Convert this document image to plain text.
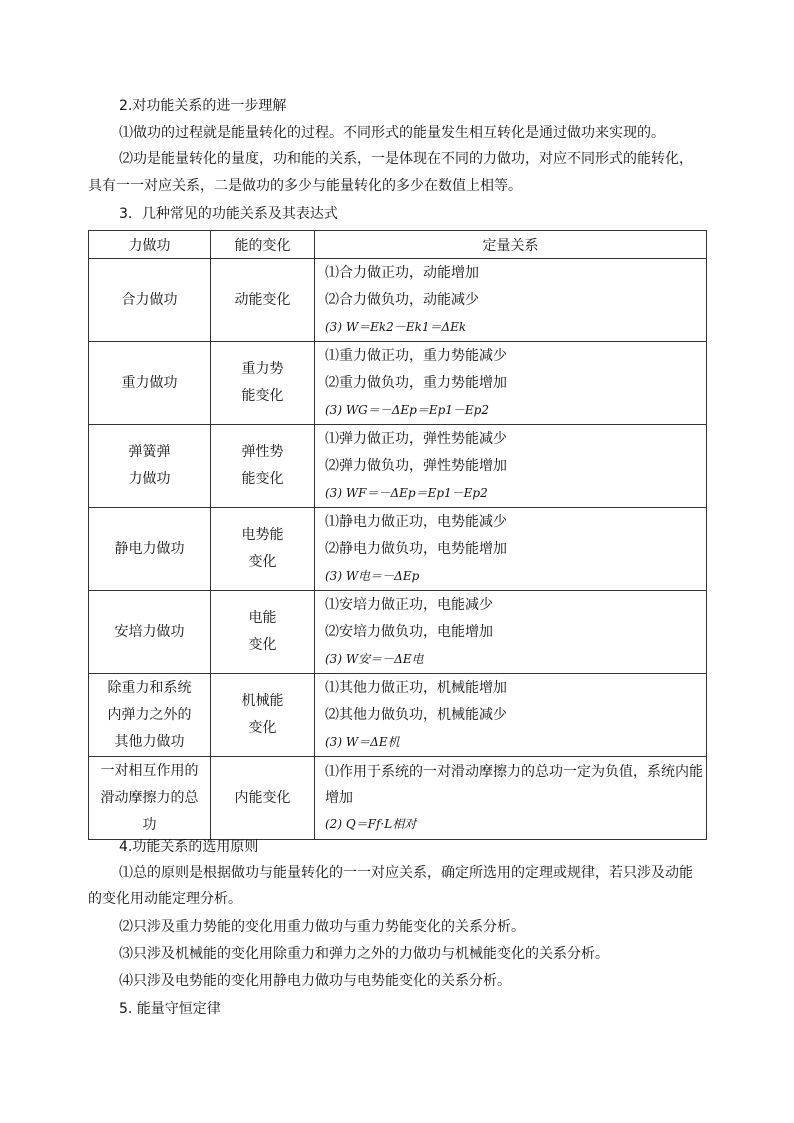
2.对功能关系的进一步理解
⑴做功的过程就是能量转化的过程。不同形式的能量发生相互转化是通过做功来实现的。
⑵功是能量转化的量度，功和能的关系，一是体现在不同的力做功，对应不同形式的能转化，
具有一一对应关系，二是做功的多少与能量转化的多少在数值上相等。
3．几种常见的功能关系及其表达式
力做功	能的变化	定量关系

合力做功	动能变化	⑴合力做正功，动能增加
⑵合力做负功，动能减少
(3) W＝Ek2－Ek1＝ΔEk

重力做功	重力势
能变化	⑴重力做正功，重力势能减少
⑵重力做负功，重力势能增加
(3) WG＝－ΔEp＝Ep1－Ep2

弹簧弹
力做功	弹性势
能变化	⑴弹力做正功，弹性势能减少
⑵弹力做负功，弹性势能增加
(3) WF＝－ΔEp＝Ep1－Ep2

静电力做功	电势能
变化	⑴静电力做正功，电势能减少
⑵静电力做负功，电势能增加
(3) W电＝－ΔEp

安培力做功	电能
变化	⑴安培力做正功，电能减少
⑵安培力做负功，电能增加
(3) W安＝－ΔE电

除重力和系统
内弹力之外的
其他力做功	机械能
变化	⑴其他力做正功，机械能增加
⑵其他力做负功，机械能减少
(3) W＝ΔE机

一对相互作用的
滑动摩擦力的总
功	内能变化	⑴作用于系统的一对滑动摩擦力的总功一定为负值，系统内能增加
(2) Q＝Ff·L相对
4.功能关系的选用原则
⑴总的原则是根据做功与能量转化的一一对应关系，确定所选用的定理或规律，若只涉及动能
的变化用动能定理分析。
⑵只涉及重力势能的变化用重力做功与重力势能变化的关系分析。
⑶只涉及机械能的变化用除重力和弹力之外的力做功与机械能变化的关系分析。
⑷只涉及电势能的变化用静电力做功与电势能变化的关系分析。
5. 能量守恒定律
